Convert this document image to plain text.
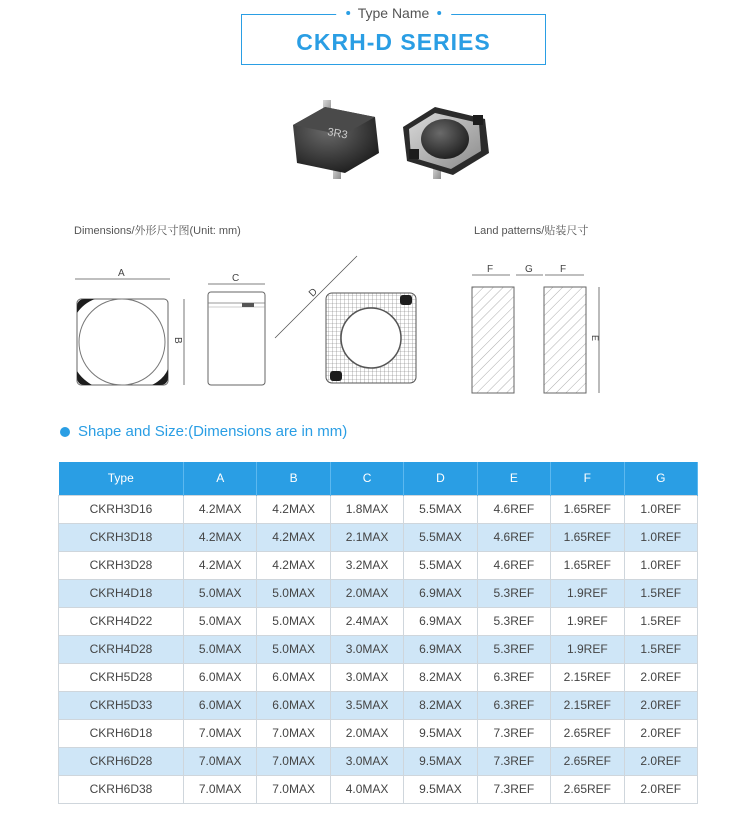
Type Name
CKRH-D SERIES
3R3
Dimensions/外形尺寸图(Unit: mm)	Land patterns/贴装尺寸
A
B
C
D
F	G	F
E
Shape and Size:(Dimensions are in mm)
Type	A	B	C	D	E	F	G
CKRH3D16	4.2MAX	4.2MAX	1.8MAX	5.5MAX	4.6REF	1.65REF	1.0REF
CKRH3D18	4.2MAX	4.2MAX	2.1MAX	5.5MAX	4.6REF	1.65REF	1.0REF
CKRH3D28	4.2MAX	4.2MAX	3.2MAX	5.5MAX	4.6REF	1.65REF	1.0REF
CKRH4D18	5.0MAX	5.0MAX	2.0MAX	6.9MAX	5.3REF	1.9REF	1.5REF
CKRH4D22	5.0MAX	5.0MAX	2.4MAX	6.9MAX	5.3REF	1.9REF	1.5REF
CKRH4D28	5.0MAX	5.0MAX	3.0MAX	6.9MAX	5.3REF	1.9REF	1.5REF
CKRH5D28	6.0MAX	6.0MAX	3.0MAX	8.2MAX	6.3REF	2.15REF	2.0REF
CKRH5D33	6.0MAX	6.0MAX	3.5MAX	8.2MAX	6.3REF	2.15REF	2.0REF
CKRH6D18	7.0MAX	7.0MAX	2.0MAX	9.5MAX	7.3REF	2.65REF	2.0REF
CKRH6D28	7.0MAX	7.0MAX	3.0MAX	9.5MAX	7.3REF	2.65REF	2.0REF
CKRH6D38	7.0MAX	7.0MAX	4.0MAX	9.5MAX	7.3REF	2.65REF	2.0REF
